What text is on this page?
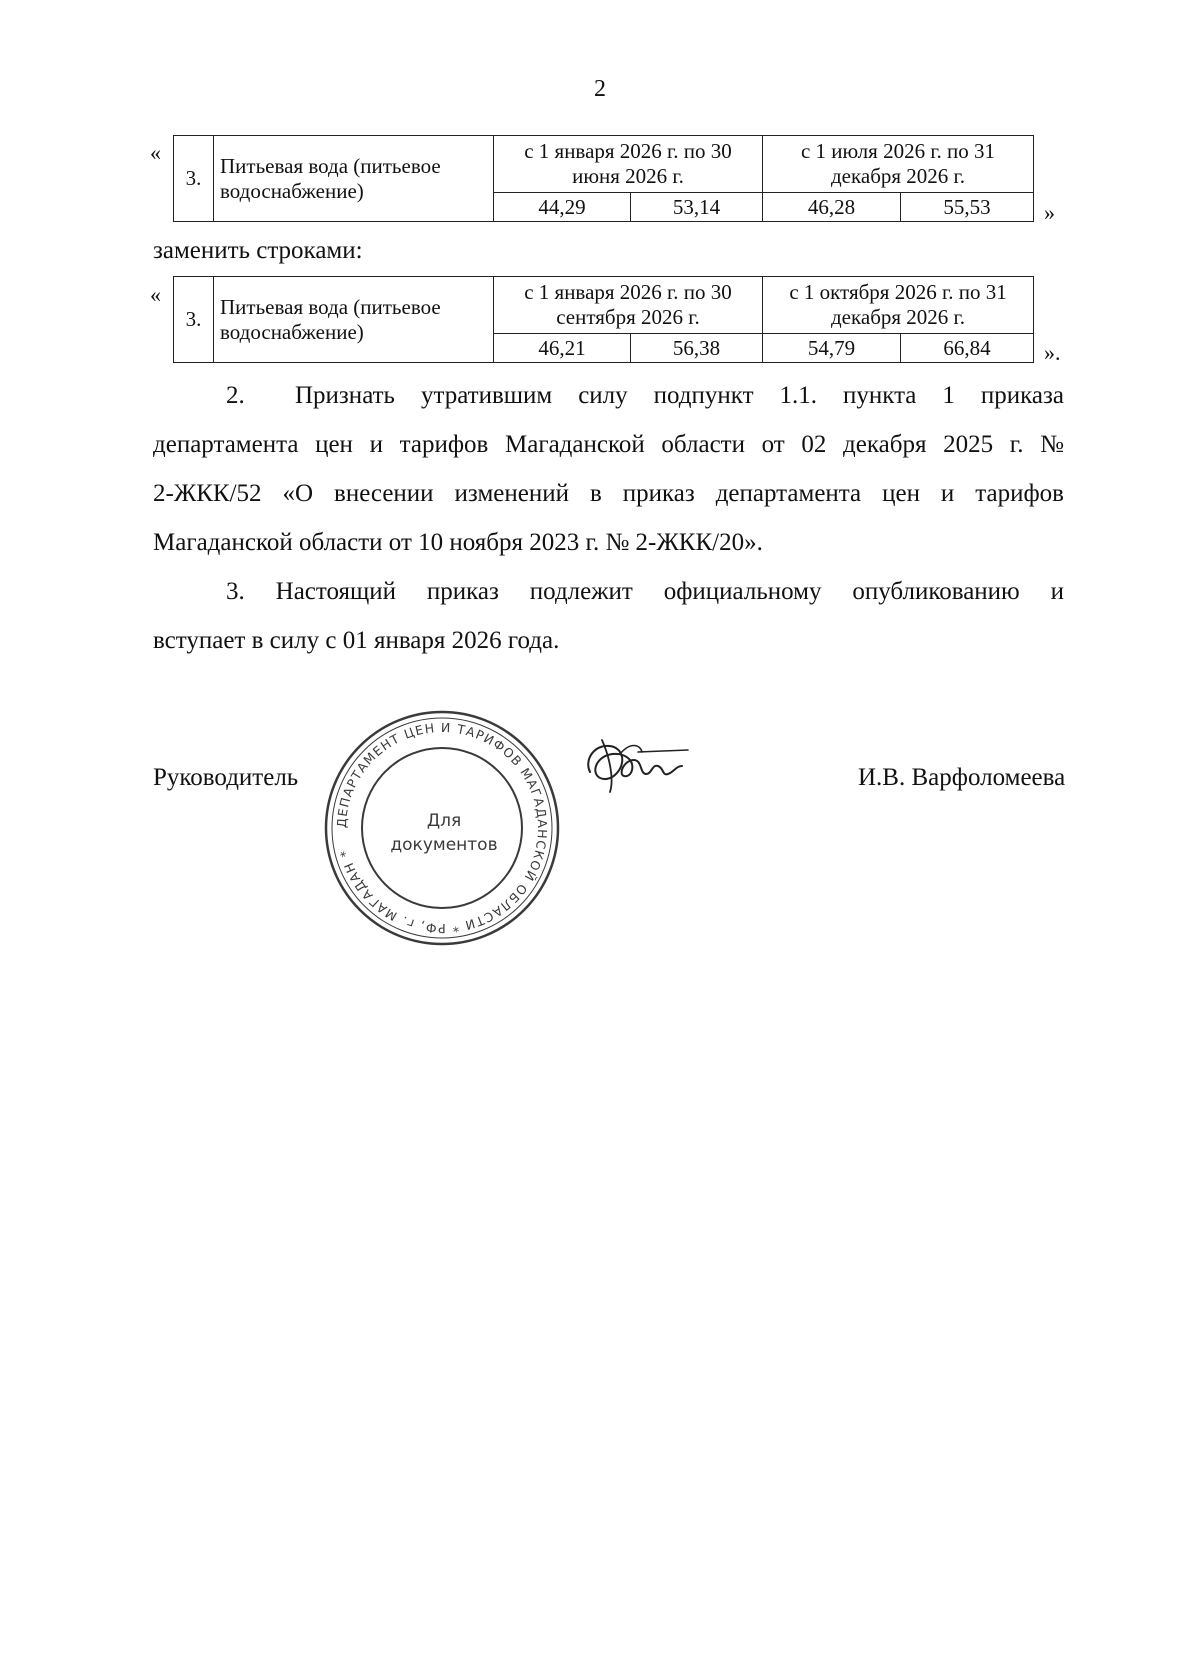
2
«
3.	Питьевая вода (питьевое водоснабжение)	с 1 января 2026 г. по 30 июня 2026 г.		с 1 июля 2026 г. по 31 декабря 2026 г.	
		44,29	53,14	46,28	55,53 »
заменить строками:
«
3.	Питьевая вода (питьевое водоснабжение)	с 1 января 2026 г. по 30 сентября 2026 г.		с 1 октября 2026 г. по 31 декабря 2026 г.	
		46,21	56,38	54,79	66,84 ».
2. Признать утратившим силу подпункт 1.1. пункта 1 приказа
департамента цен и тарифов Магаданской области от 02 декабря 2025 г. №
2-ЖКК/52 «О внесении изменений в приказ департамента цен и тарифов
Магаданской области от 10 ноября 2023 г. № 2-ЖКК/20».
3. Настоящий приказ подлежит официальному опубликованию и
вступает в силу с 01 января 2026 года.
Руководитель	И.В. Варфоломеева
ДЕПАРТАМЕНТ ЦЕН И ТАРИФОВ МАГАДАНСКОЙ ОБЛАСТИ * РФ, г. МАГАДАН *
Для
документов
